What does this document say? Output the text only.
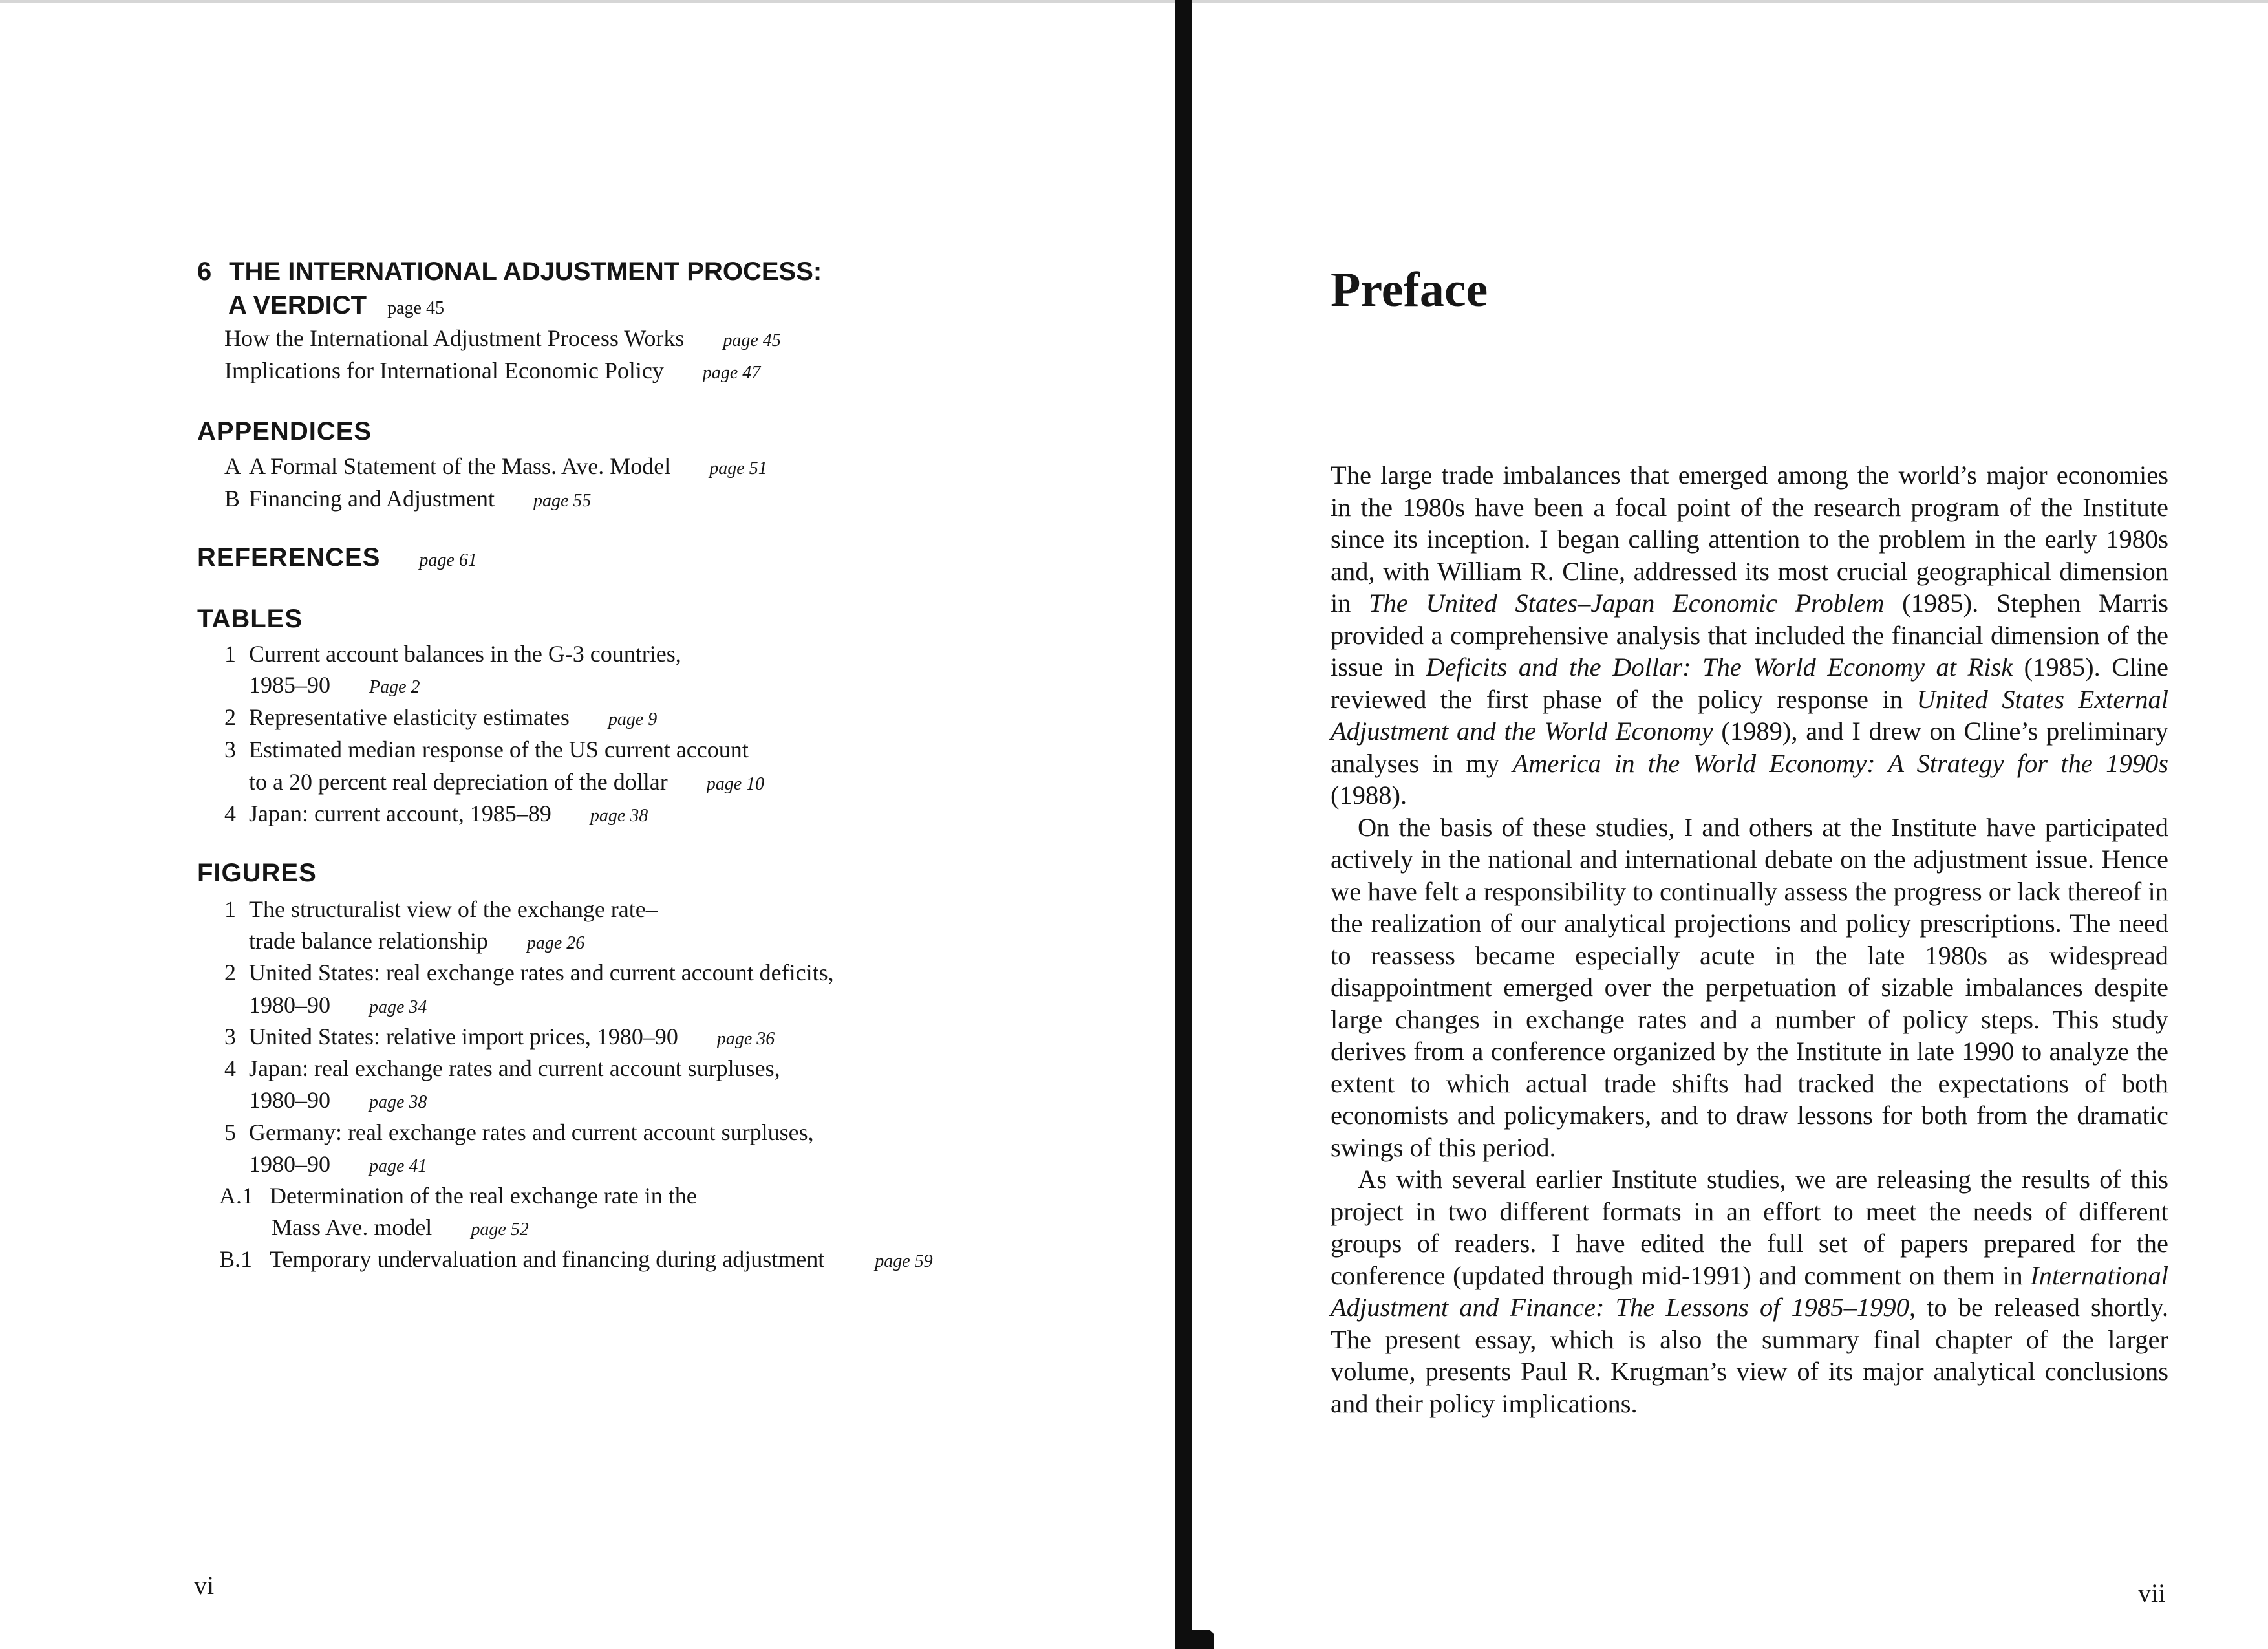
6 THE INTERNATIONAL ADJUSTMENT PROCESS:
A VERDICT page 45
How the International Adjustment Process Works page 45
Implications for International Economic Policy page 47
APPENDICES
A A Formal Statement of the Mass. Ave. Model page 51
B Financing and Adjustment page 55
REFERENCES page 61
TABLES
1 Current account balances in the G-3 countries,
1985–90 Page 2
2 Representative elasticity estimates page 9
3 Estimated median response of the US current account
to a 20 percent real depreciation of the dollar page 10
4 Japan: current account, 1985–89 page 38
FIGURES
1 The structuralist view of the exchange rate–
trade balance relationship page 26
2 United States: real exchange rates and current account deficits,
1980–90 page 34
3 United States: relative import prices, 1980–90 page 36
4 Japan: real exchange rates and current account surpluses,
1980–90 page 38
5 Germany: real exchange rates and current account surpluses,
1980–90 page 41
A.1 Determination of the real exchange rate in the
Mass Ave. model page 52
B.1 Temporary undervaluation and financing during adjustment	page 59
vi
Preface

The large trade imbalances that emerged among the world’s major economies in the 1980s have been a focal point of the research program of the Institute since its inception. I began calling attention to the problem in the early 1980s and, with William R. Cline, addressed its most crucial geographical dimension in The United States–Japan Economic Problem (1985). Stephen Marris provided a comprehensive analysis that included the financial dimension of the issue in Deficits and the Dollar: The World Economy at Risk (1985). Cline reviewed the first phase of the policy response in United States External Adjustment and the World Economy (1989), and I drew on Cline’s preliminary analyses in my America in the World Economy: A Strategy for the 1990s (1988).

On the basis of these studies, I and others at the Institute have participated actively in the national and international debate on the adjustment issue. Hence we have felt a responsibility to continually assess the progress or lack thereof in the realization of our analytical projections and policy prescriptions. The need to reassess became especially acute in the late 1980s as widespread disappointment emerged over the perpetuation of sizable imbalances despite large changes in exchange rates and a number of policy steps. This study derives from a conference organized by the Institute in late 1990 to analyze the extent to which actual trade shifts had tracked the expectations of both economists and policymakers, and to draw lessons for both from the dramatic swings of this period.

As with several earlier Institute studies, we are releasing the results of this project in two different formats in an effort to meet the needs of different groups of readers. I have edited the full set of papers prepared for the conference (updated through mid-1991) and comment on them in International Adjustment and Finance: The Lessons of 1985–1990, to be released shortly. The present essay, which is also the summary final chapter of the larger volume, presents Paul R. Krugman’s view of its major analytical conclusions and their policy implications.

vii
